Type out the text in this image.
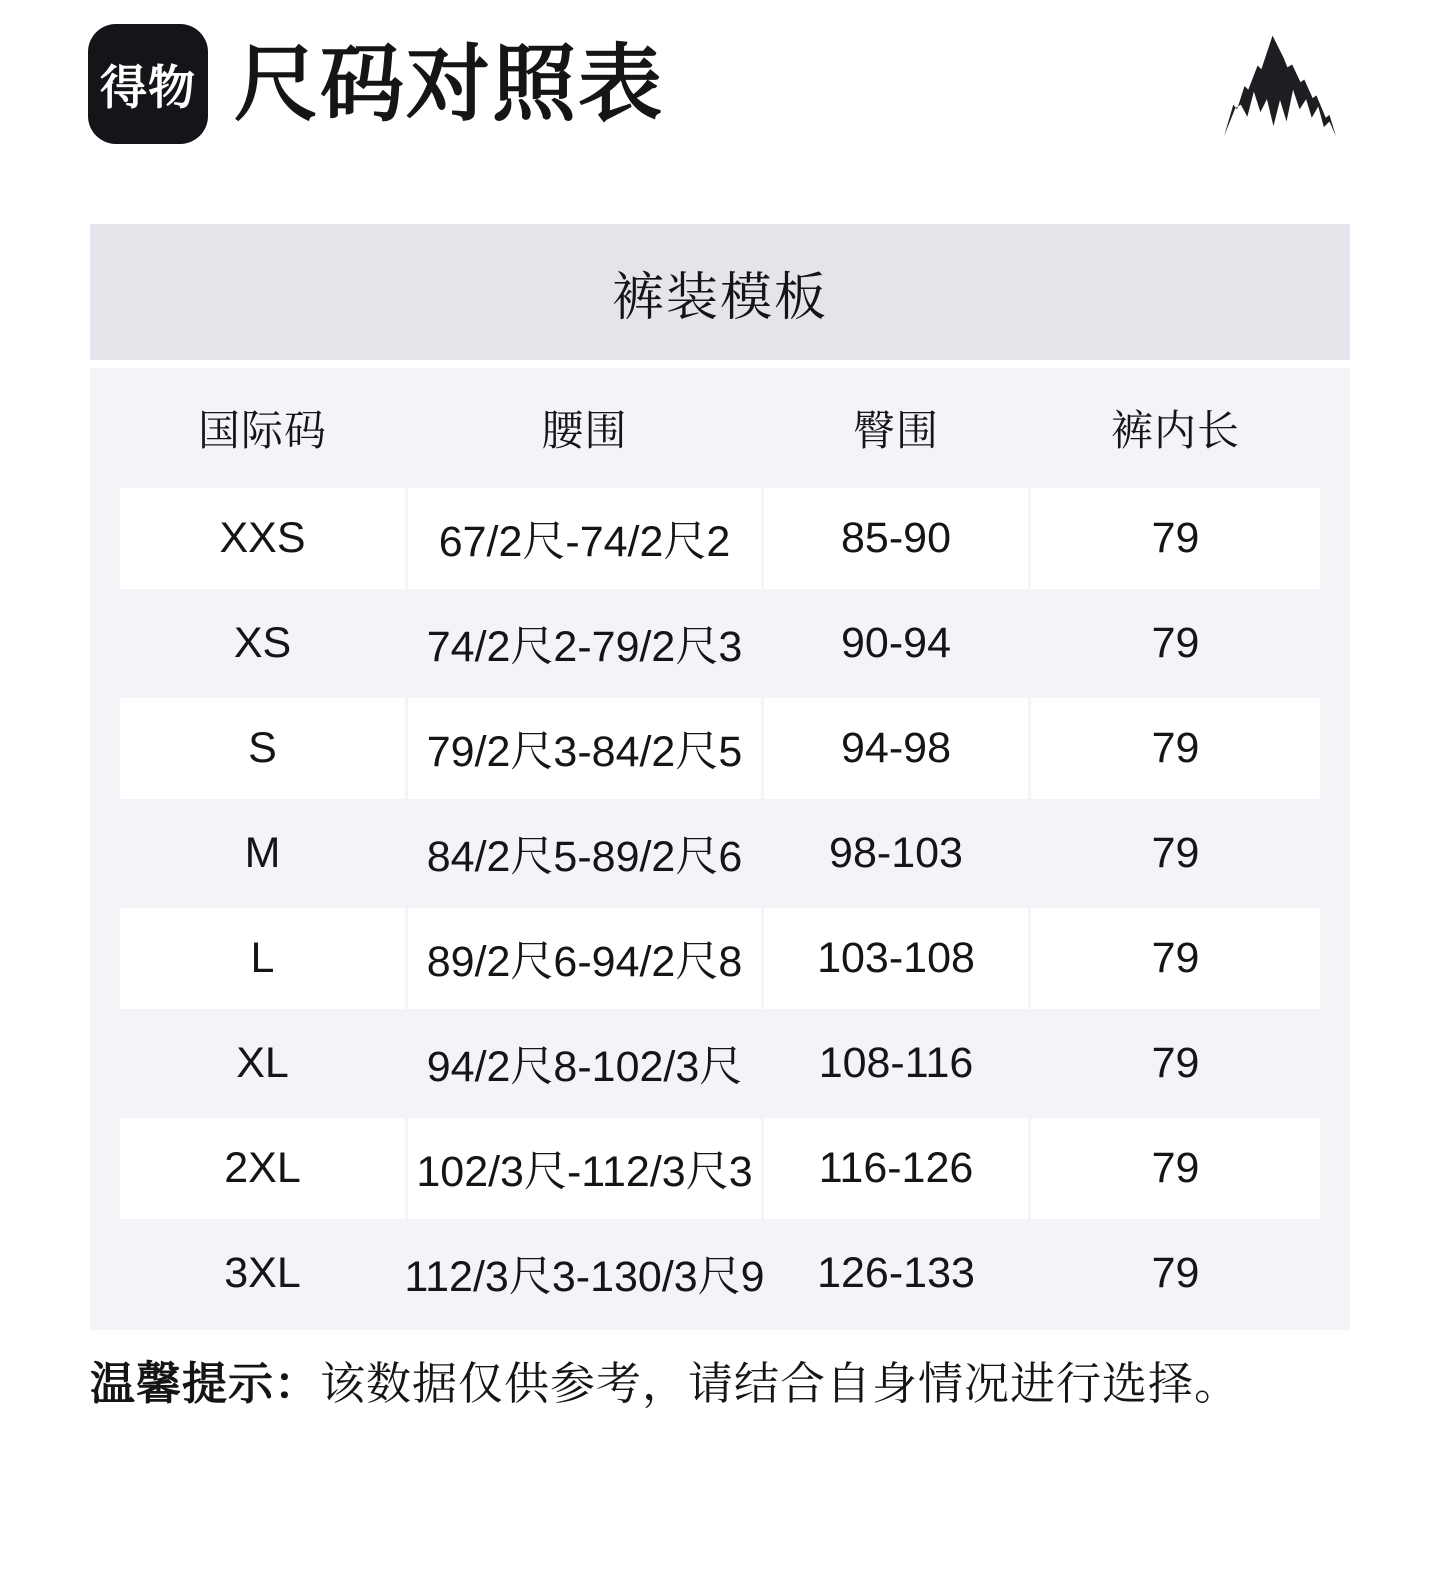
得物 尺码对照表
裤装模板
国际码	腰围	臀围	裤内长
XXS	67/2尺-74/2尺2	85-90	79
XS	74/2尺2-79/2尺3	90-94	79
S	79/2尺3-84/2尺5	94-98	79
M	84/2尺5-89/2尺6	98-103	79
L	89/2尺6-94/2尺8	103-108	79
XL	94/2尺8-102/3尺	108-116	79
2XL	102/3尺-112/3尺3	116-126	79
3XL	112/3尺3-130/3尺9	126-133	79
温馨提示：该数据仅供参考，请结合自身情况进行选择。
